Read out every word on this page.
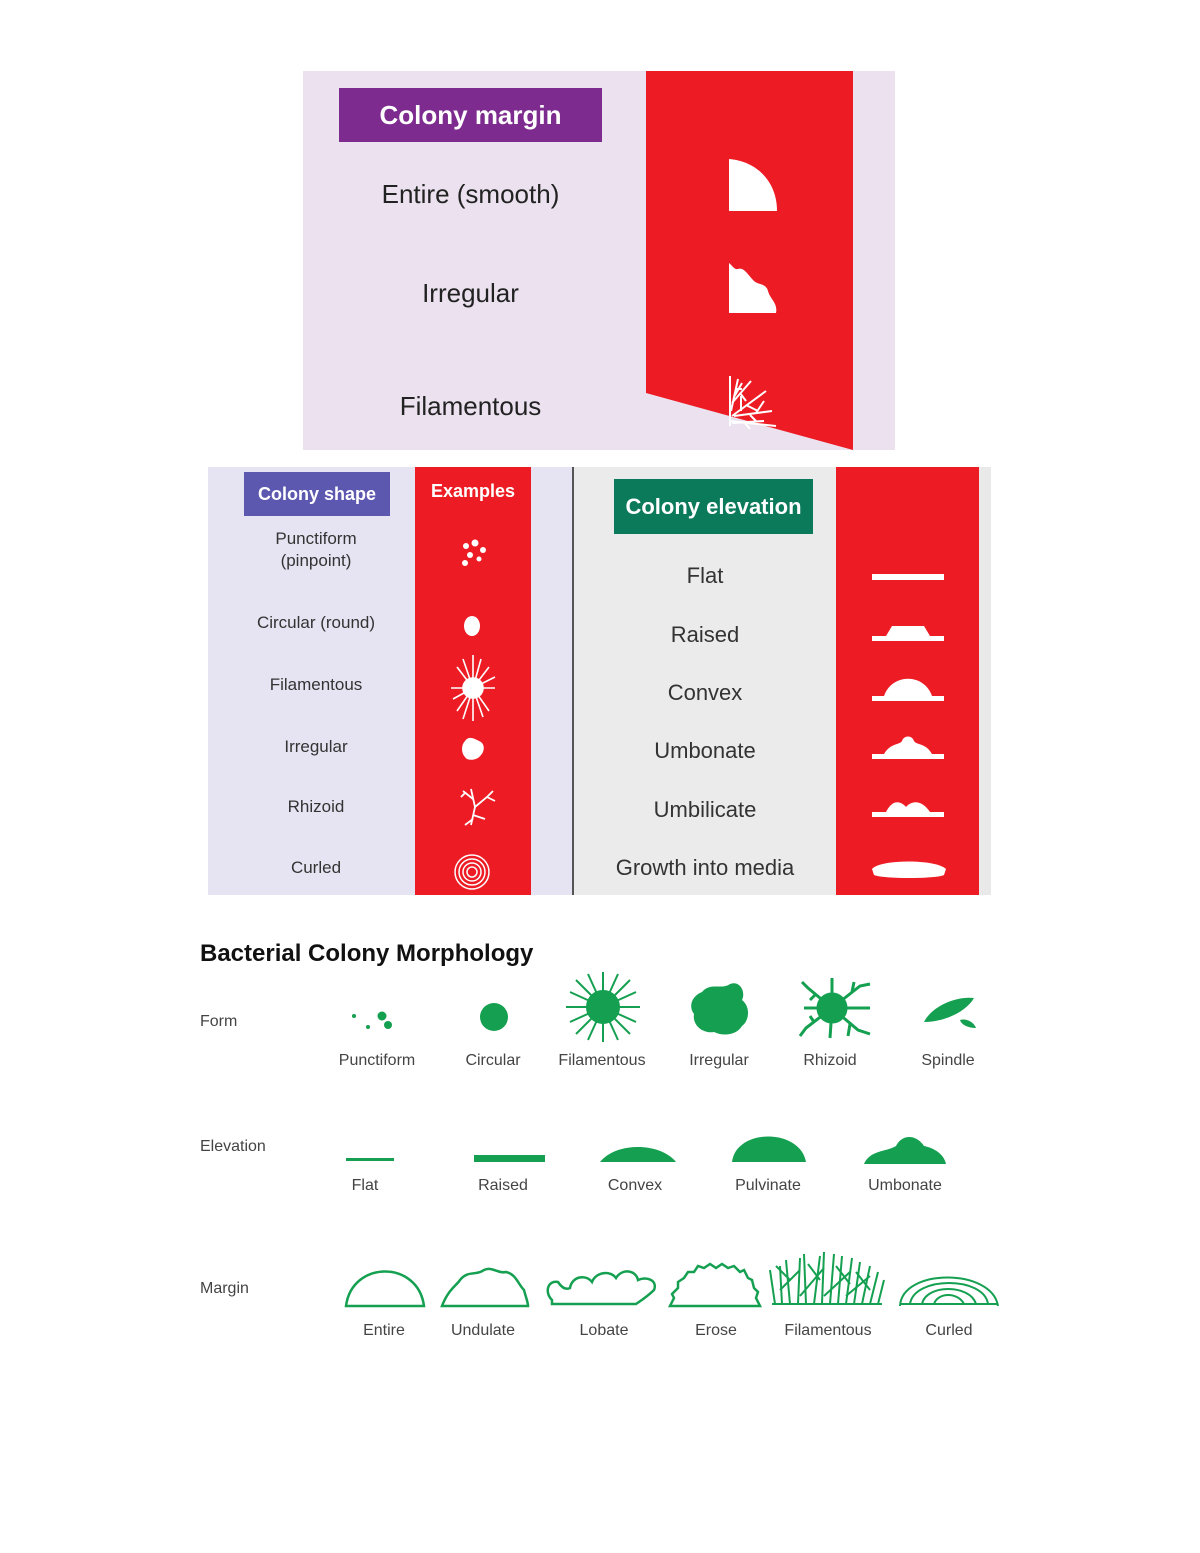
Colony margin
Entire (smooth)
Irregular
Filamentous
Colony shape	Examples
Colony elevation
Punctiform
(pinpoint)
Circular (round)
Filamentous
Irregular
Rhizoid
Curled
Flat
Raised
Convex
Umbonate
Umbilicate
Growth into media
Bacterial Colony Morphology
Form
Elevation
Margin
Punctiform	Circular	Filamentous	Irregular	Rhizoid	Spindle
Flat	Raised	Convex	Pulvinate	Umbonate
Entire	Undulate	Lobate	Erose	Filamentous	Curled
